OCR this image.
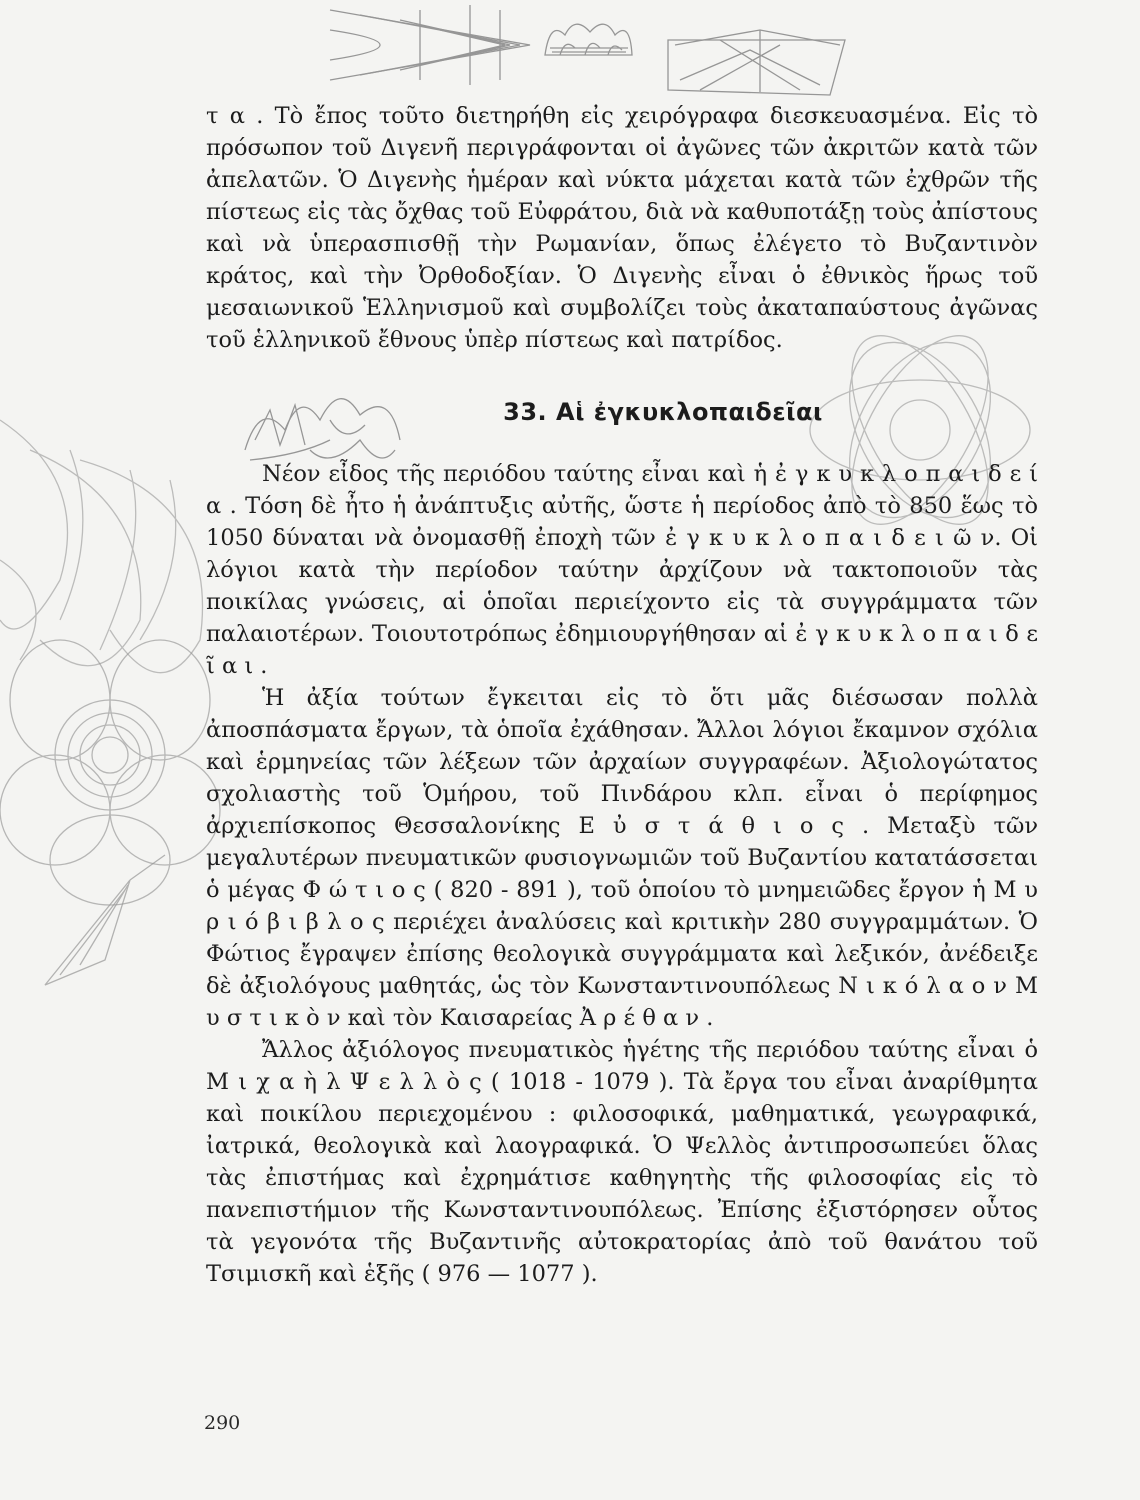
τ α . Τὸ ἔπος τοῦτο διετηρήθη εἰς χειρόγραφα διεσκευασμένα. Εἰς τὸ πρόσωπον τοῦ Διγενῆ περιγράφονται οἱ ἀγῶνες τῶν ἀκριτῶν κατὰ τῶν ἀπελατῶν. Ὁ Διγενὴς ἡμέραν καὶ νύκτα μάχεται κατὰ τῶν ἐχθρῶν τῆς πίστεως εἰς τὰς ὄχθας τοῦ Εὐφράτου, διὰ νὰ καθυποτάξῃ τοὺς ἀπίστους καὶ νὰ ὑπερασπισθῇ τὴν Ρωμανίαν, ὅπως ἐλέγετο τὸ Βυζαντινὸν κράτος, καὶ τὴν Ὀρθοδοξίαν. Ὁ Διγενὴς εἶναι ὁ ἐθνικὸς ἥρως τοῦ μεσαιωνικοῦ Ἑλληνισμοῦ καὶ συμβολίζει τοὺς ἀκαταπαύστους ἀγῶνας τοῦ ἑλληνικοῦ ἔθνους ὑπὲρ πίστεως καὶ πατρίδος.

33. Αἱ ἐγκυκλοπαιδεῖαι

Νέον εἶδος τῆς περιόδου ταύτης εἶναι καὶ ἡ ἐ γ κ υ κ λ ο π α ι δ ε ί α . Τόση δὲ ἦτο ἡ ἀνάπτυξις αὐτῆς, ὥστε ἡ περίοδος ἀπὸ τὸ 850 ἕως τὸ 1050 δύναται νὰ ὀνομασθῇ ἐποχὴ τῶν ἐ γ κ υ κ λ ο π α ι δ ε ι ῶ ν. Οἱ λόγιοι κατὰ τὴν περίοδον ταύτην ἀρχίζουν νὰ τακτοποιοῦν τὰς ποικίλας γνώσεις, αἱ ὁποῖαι περιείχοντο εἰς τὰ συγγράμματα τῶν παλαιοτέρων. Τοιουτοτρόπως ἐδημιουργήθησαν αἱ ἐ γ κ υ κ λ ο π α ι δ ε ῖ α ι .

Ἡ ἀξία τούτων ἔγκειται εἰς τὸ ὅτι μᾶς διέσωσαν πολλὰ ἀποσπάσματα ἔργων, τὰ ὁποῖα ἐχάθησαν. Ἄλλοι λόγιοι ἔκαμνον σχόλια καὶ ἑρμηνείας τῶν λέξεων τῶν ἀρχαίων συγγραφέων. Ἀξιολογώτατος σχολιαστὴς τοῦ Ὁμήρου, τοῦ Πινδάρου κλπ. εἶναι ὁ περίφημος ἀρχιεπίσκοπος Θεσσαλονίκης Ε ὐ σ τ ά θ ι ο ς . Μεταξὺ τῶν μεγαλυτέρων πνευματικῶν φυσιογνωμιῶν τοῦ Βυζαντίου κατατάσσεται ὁ μέγας Φ ώ τ ι ο ς ( 820 - 891 ), τοῦ ὁποίου τὸ μνημειῶδες ἔργον ἡ Μ υ ρ ι ό β ι β λ ο ς περιέχει ἀναλύσεις καὶ κριτικὴν 280 συγγραμμάτων. Ὁ Φώτιος ἔγραψεν ἐπίσης θεολογικὰ συγγράμματα καὶ λεξικόν, ἀνέδειξε δὲ ἀξιολόγους μαθητάς, ὡς τὸν Κωνσταντινουπόλεως Ν ι κ ό λ α ο ν Μ υ σ τ ι κ ὸ ν καὶ τὸν Καισαρείας Ἀ ρ έ θ α ν .

Ἄλλος ἀξιόλογος πνευματικὸς ἡγέτης τῆς περιόδου ταύτης εἶναι ὁ Μ ι χ α ὴ λ Ψ ε λ λ ὸ ς ( 1018 - 1079 ). Τὰ ἔργα του εἶναι ἀναρίθμητα καὶ ποικίλου περιεχομένου : φιλοσοφικά, μαθηματικά, γεωγραφικά, ἰατρικά, θεολογικὰ καὶ λαογραφικά. Ὁ Ψελλὸς ἀντιπροσωπεύει ὅλας τὰς ἐπιστήμας καὶ ἐχρημάτισε καθηγητὴς τῆς φιλοσοφίας εἰς τὸ πανεπιστήμιον τῆς Κωνσταντινουπόλεως. Ἐπίσης ἐξιστόρησεν οὗτος τὰ γεγονότα τῆς Βυζαντινῆς αὐτοκρατορίας ἀπὸ τοῦ θανάτου τοῦ Τσιμισκῆ καὶ ἑξῆς ( 976 — 1077 ).

290
